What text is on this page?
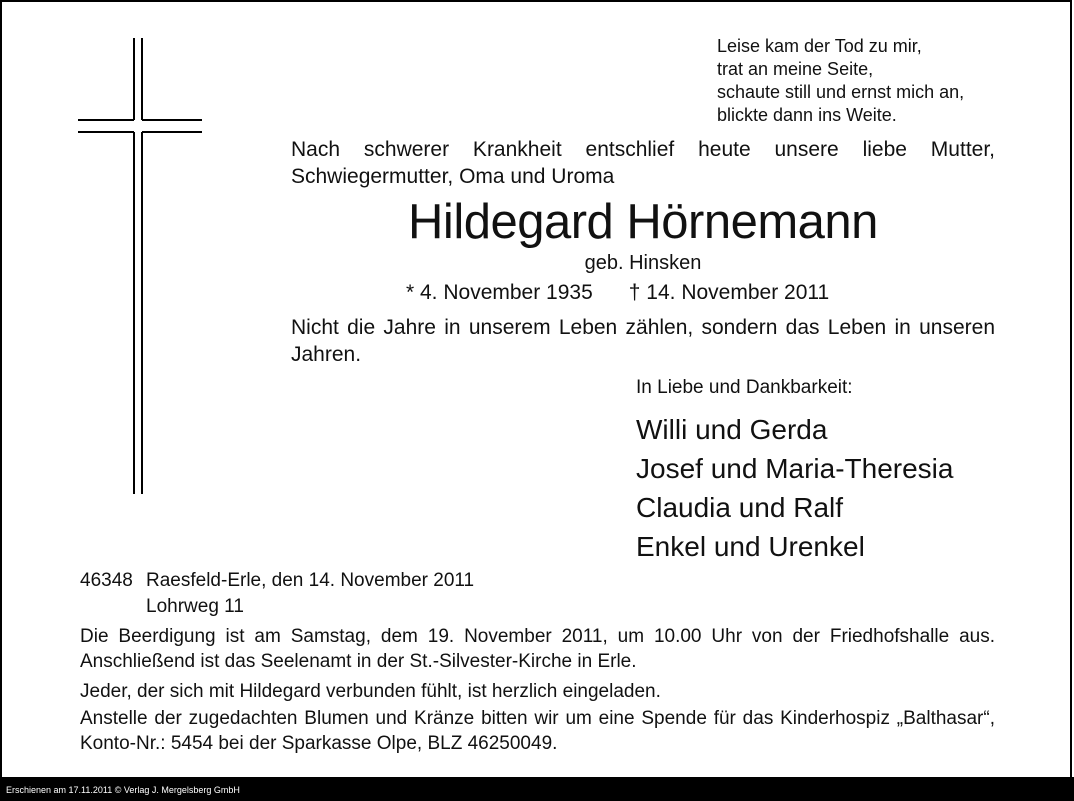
Leise kam der Tod zu mir,
trat an meine Seite,
schaute still und ernst mich an,
blickte dann ins Weite.
Nach schwerer Krankheit entschlief heute unsere liebe Mutter, Schwiegermutter, Oma und Uroma
Hildegard Hörnemann
geb. Hinsken
* 4. November 1935 † 14. November 2011
Nicht die Jahre in unserem Leben zählen, sondern das Leben in unseren Jahren.
In Liebe und Dankbarkeit:
Willi und Gerda
Josef und Maria-Theresia
Claudia und Ralf
Enkel und Urenkel
46348 Raesfeld-Erle, den 14. November 2011
Lohrweg 11
Die Beerdigung ist am Samstag, dem 19. November 2011, um 10.00 Uhr von der Friedhofshalle aus. Anschließend ist das Seelenamt in der St.-Silvester-Kirche in Erle.
Jeder, der sich mit Hildegard verbunden fühlt, ist herzlich eingeladen.
Anstelle der zugedachten Blumen und Kränze bitten wir um eine Spende für das Kinderhospiz „Balthasar“, Konto-Nr.: 5454 bei der Sparkasse Olpe, BLZ 46250049.
Erschienen am 17.11.2011 © Verlag J. Mergelsberg GmbH
